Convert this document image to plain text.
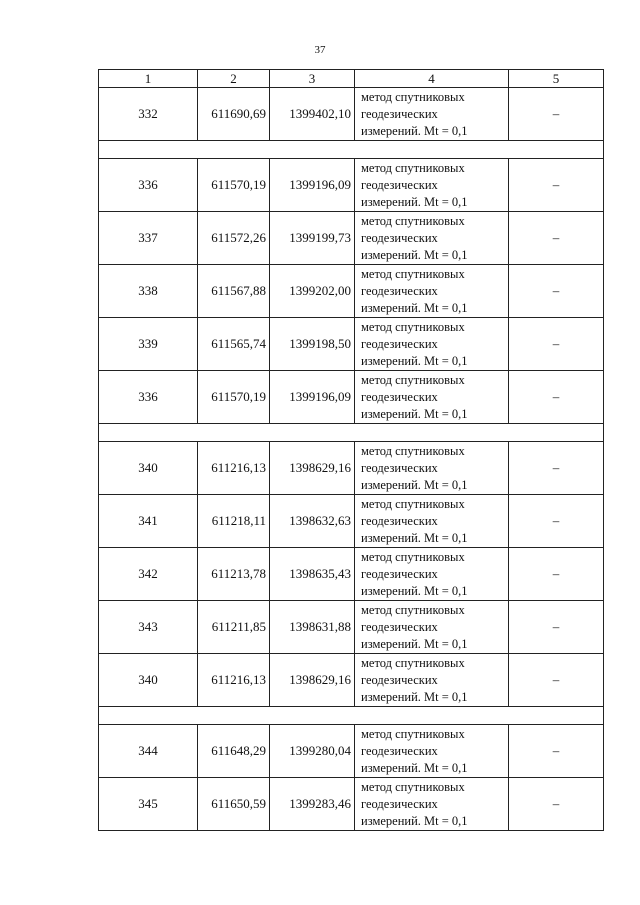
37
1	2	3	4	5
332	611690,69	1399402,10	метод спутниковых
геодезических
измерений. Mt = 0,1	–

336	611570,19	1399196,09	метод спутниковых
геодезических
измерений. Mt = 0,1	–
337	611572,26	1399199,73	метод спутниковых
геодезических
измерений. Mt = 0,1	–
338	611567,88	1399202,00	метод спутниковых
геодезических
измерений. Mt = 0,1	–
339	611565,74	1399198,50	метод спутниковых
геодезических
измерений. Mt = 0,1	–
336	611570,19	1399196,09	метод спутниковых
геодезических
измерений. Mt = 0,1	–

340	611216,13	1398629,16	метод спутниковых
геодезических
измерений. Mt = 0,1	–
341	611218,11	1398632,63	метод спутниковых
геодезических
измерений. Mt = 0,1	–
342	611213,78	1398635,43	метод спутниковых
геодезических
измерений. Mt = 0,1	–
343	611211,85	1398631,88	метод спутниковых
геодезических
измерений. Mt = 0,1	–
340	611216,13	1398629,16	метод спутниковых
геодезических
измерений. Mt = 0,1	–

344	611648,29	1399280,04	метод спутниковых
геодезических
измерений. Mt = 0,1	–
345	611650,59	1399283,46	метод спутниковых
геодезических
измерений. Mt = 0,1	–
